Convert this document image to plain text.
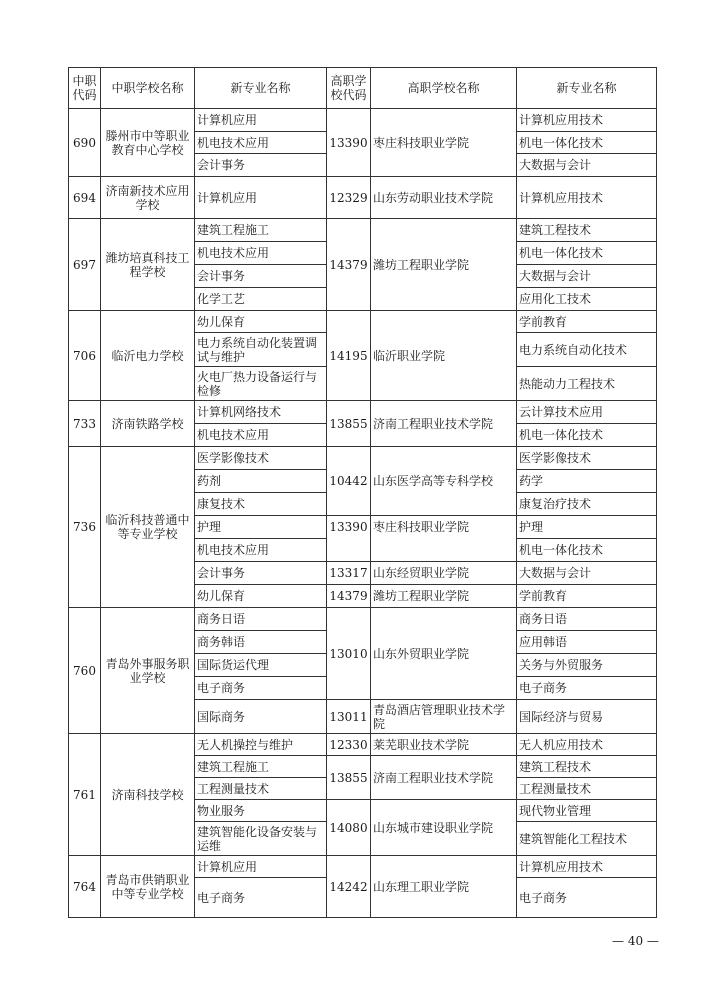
中职代码	中职学校名称	新专业名称	高职学校代码	高职学校名称	新专业名称
690	滕州市中等职业教育中心学校	计算机应用	13390	枣庄科技职业学院	计算机应用技术
		机电技术应用			机电一体化技术
		会计事务			大数据与会计
694	济南新技术应用学校	计算机应用	12329	山东劳动职业技术学院	计算机应用技术
697	潍坊培真科技工程学校	建筑工程施工	14379	潍坊工程职业学院	建筑工程技术
		机电技术应用			机电一体化技术
		会计事务			大数据与会计
		化学工艺			应用化工技术
706	临沂电力学校	幼儿保育	14195	临沂职业学院	学前教育
		电力系统自动化装置调试与维护			电力系统自动化技术
		火电厂热力设备运行与检修			热能动力工程技术
733	济南铁路学校	计算机网络技术	13855	济南工程职业技术学院	云计算技术应用
		机电技术应用			机电一体化技术
736	临沂科技普通中等专业学校	医学影像技术	10442	山东医学高等专科学校	医学影像技术
		药剂			药学
		康复技术			康复治疗技术
		护理	13390	枣庄科技职业学院	护理
		机电技术应用			机电一体化技术
		会计事务	13317	山东经贸职业学院	大数据与会计
		幼儿保育	14379	潍坊工程职业学院	学前教育
760	青岛外事服务职业学校	商务日语	13010	山东外贸职业学院	商务日语
		商务韩语			应用韩语
		国际货运代理			关务与外贸服务
		电子商务			电子商务
		国际商务	13011	青岛酒店管理职业技术学院	国际经济与贸易
761	济南科技学校	无人机操控与维护	12330	莱芜职业技术学院	无人机应用技术
		建筑工程施工	13855	济南工程职业技术学院	建筑工程技术
		工程测量技术			工程测量技术
		物业服务	14080	山东城市建设职业学院	现代物业管理
		建筑智能化设备安装与运维			建筑智能化工程技术
764	青岛市供销职业中等专业学校	计算机应用	14242	山东理工职业学院	计算机应用技术
		电子商务			电子商务
— 40 —
